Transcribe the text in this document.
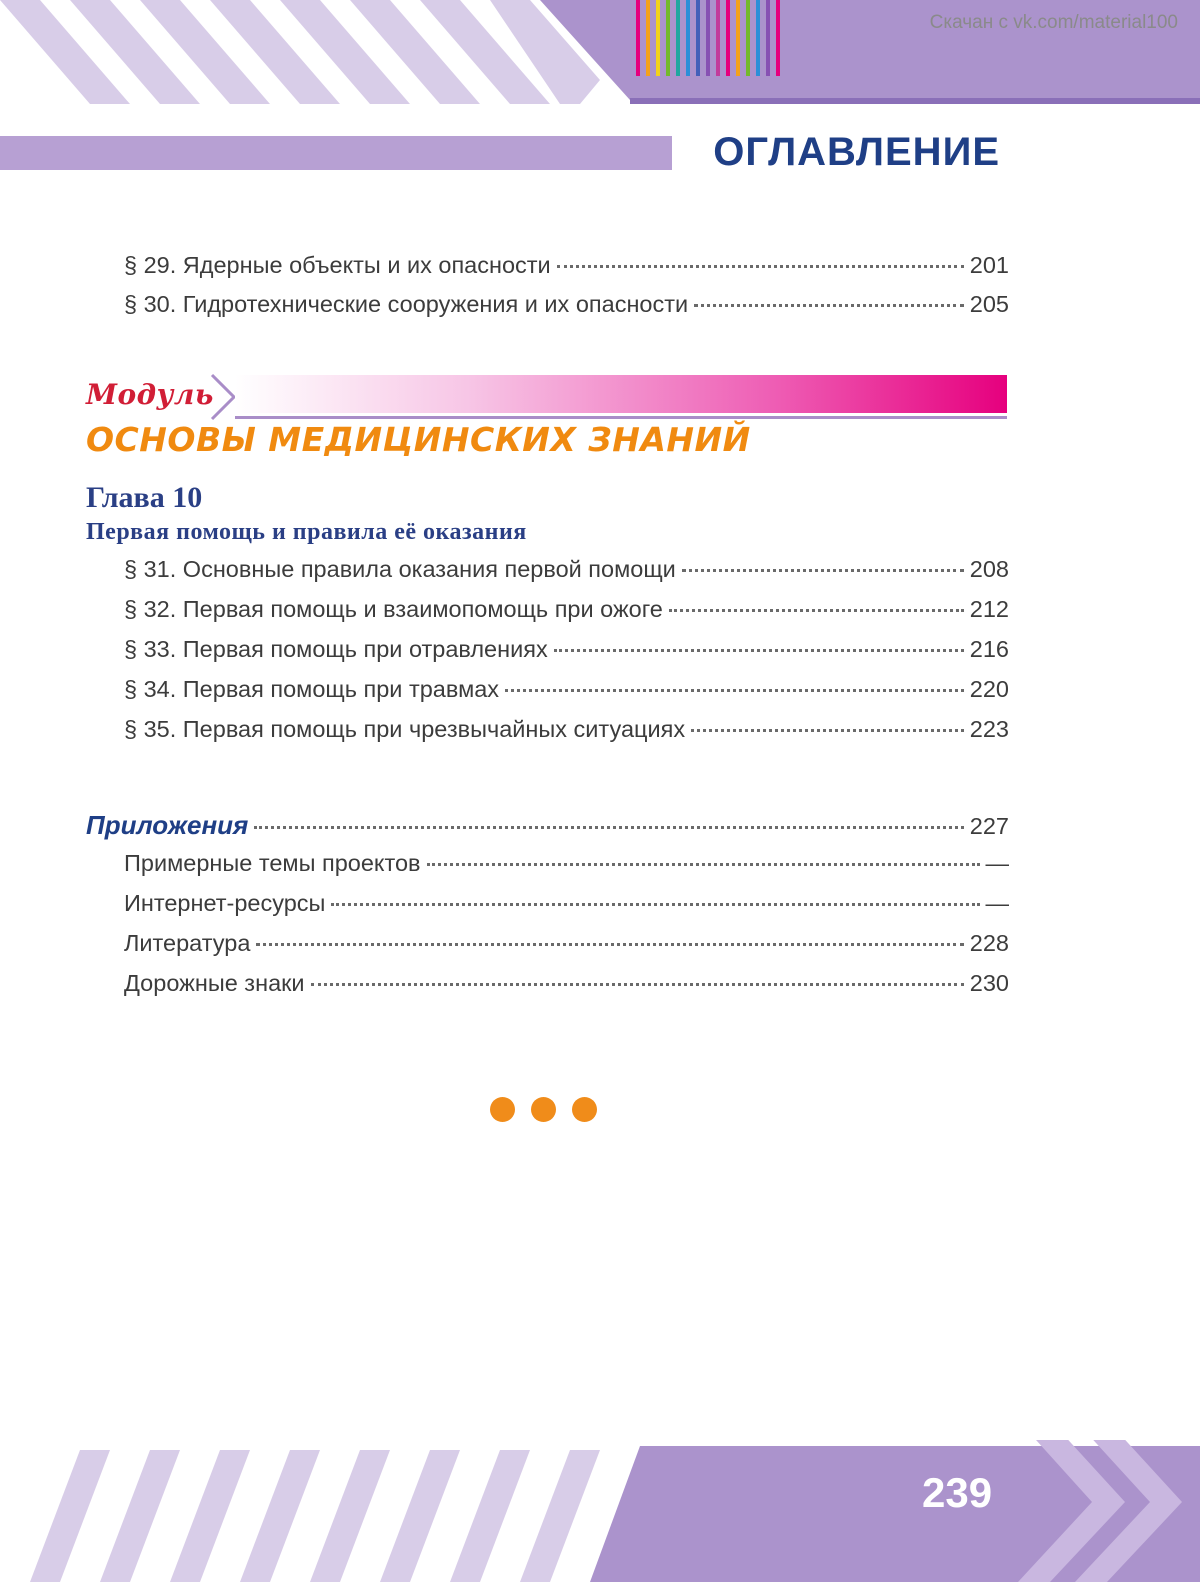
Скачан с vk.com/material100
ОГЛАВЛЕНИЕ
§ 29. Ядерные объекты и их опасности	201
§ 30. Гидротехнические сооружения и их опасности	205
Модуль
ОСНОВЫ МЕДИЦИНСКИХ ЗНАНИЙ
Глава 10
Первая помощь и правила её оказания
§ 31. Основные правила оказания первой помощи	208
§ 32. Первая помощь и взаимопомощь при ожоге	212
§ 33. Первая помощь при отравлениях	216
§ 34. Первая помощь при травмах	220
§ 35. Первая помощь при чрезвычайных ситуациях	223
Приложения	227
Примерные темы проектов	—
Интернет-ресурсы	—
Литература	228
Дорожные знаки	230
239
